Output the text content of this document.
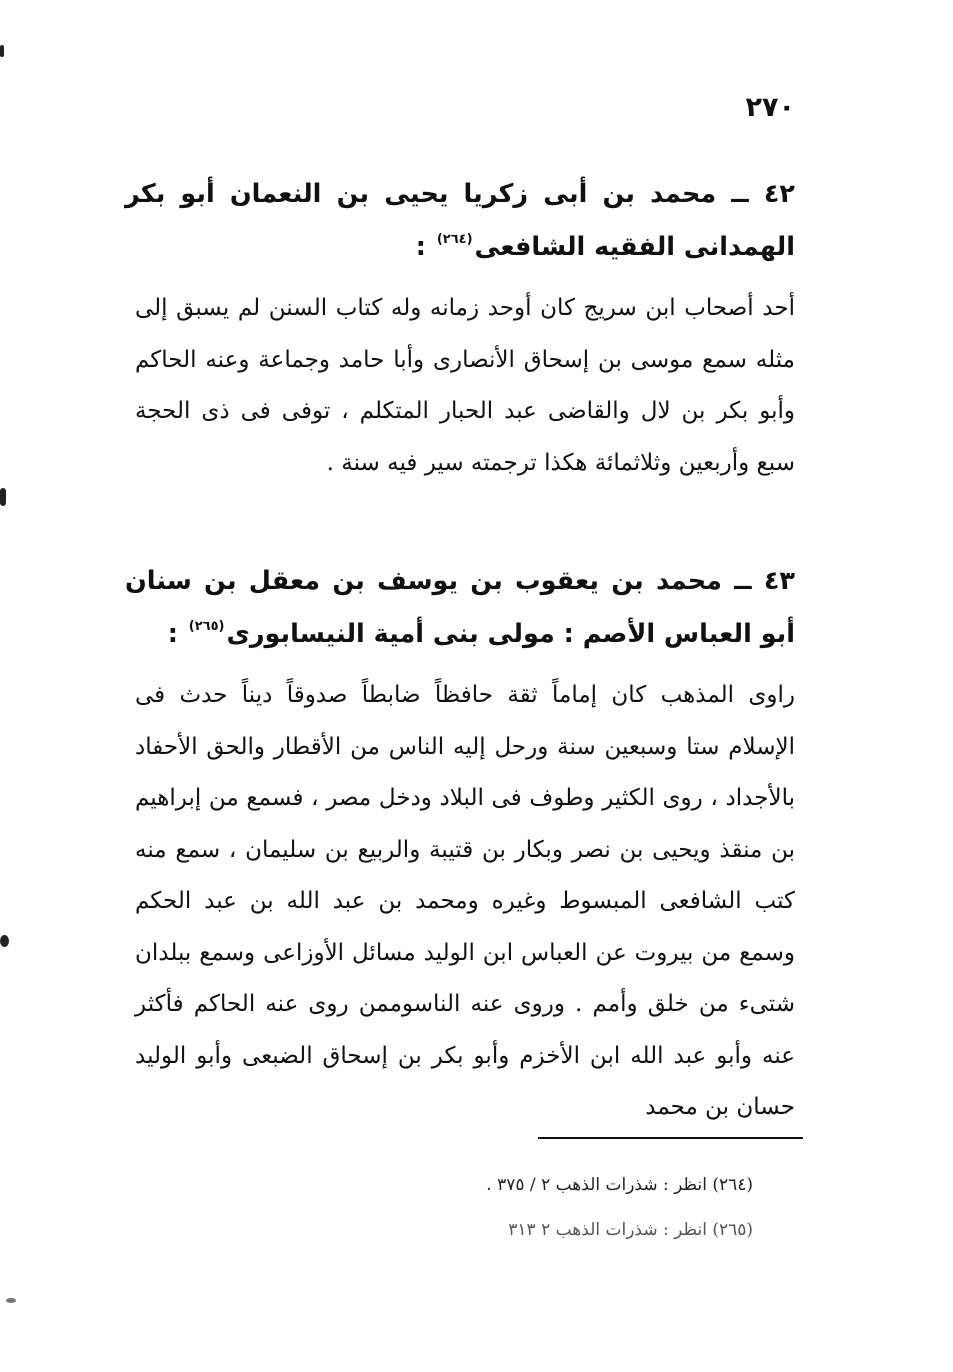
٢٧٠
٤٢ ــ محمد بن أبى زكريا يحيى بن النعمان أبو بكر الهمدانى الفقيه الشافعى$^{(٢٦٤)}$ :
أحد أصحاب ابن سريج كان أوحد زمانه وله كتاب السنن لم يسبق إلى مثله سمع موسى بن إسحاق الأنصارى وأبا حامد وجماعة وعنه الحاكم وأبو بكر بن لال والقاضى عبد الحبار المتكلم ، توفى فى ذى الحجة سبع وأربعين وثلاثمائة هكذا ترجمته سير فيه سنة .
٤٣ ــ محمد بن يعقوب بن يوسف بن معقل بن سنان أبو العباس الأصم : مولى بنى أمية النيسابورى$^{(٢٦٥)}$ :
راوى المذهب كان إماماً ثقة حافظاً ضابطاً صدوقاً ديناً حدث فى الإسلام ستا وسبعين سنة ورحل إليه الناس من الأقطار والحق الأحفاد بالأجداد ، روى الكثير وطوف فى البلاد ودخل مصر ، فسمع من إبراهيم بن منقذ ويحيى بن نصر وبكار بن قتيبة والربيع بن سليمان ، سمع منه كتب الشافعى المبسوط وغيره ومحمد بن عبد الله بن عبد الحكم وسمع من بيروت عن العباس ابن الوليد مسائل الأوزاعى وسمع ببلدان شتىء من خلق وأمم . وروى عنه الناسوممن روى عنه الحاكم فأكثر عنه وأبو عبد الله ابن الأخزم وأبو بكر بن إسحاق الضبعى وأبو الوليد حسان بن محمد
(٢٦٤) انظر : شذرات الذهب ٢ / ٣٧٥ .
(٢٦٥) انظر : شذرات الذهب ٢ ٣١٣
